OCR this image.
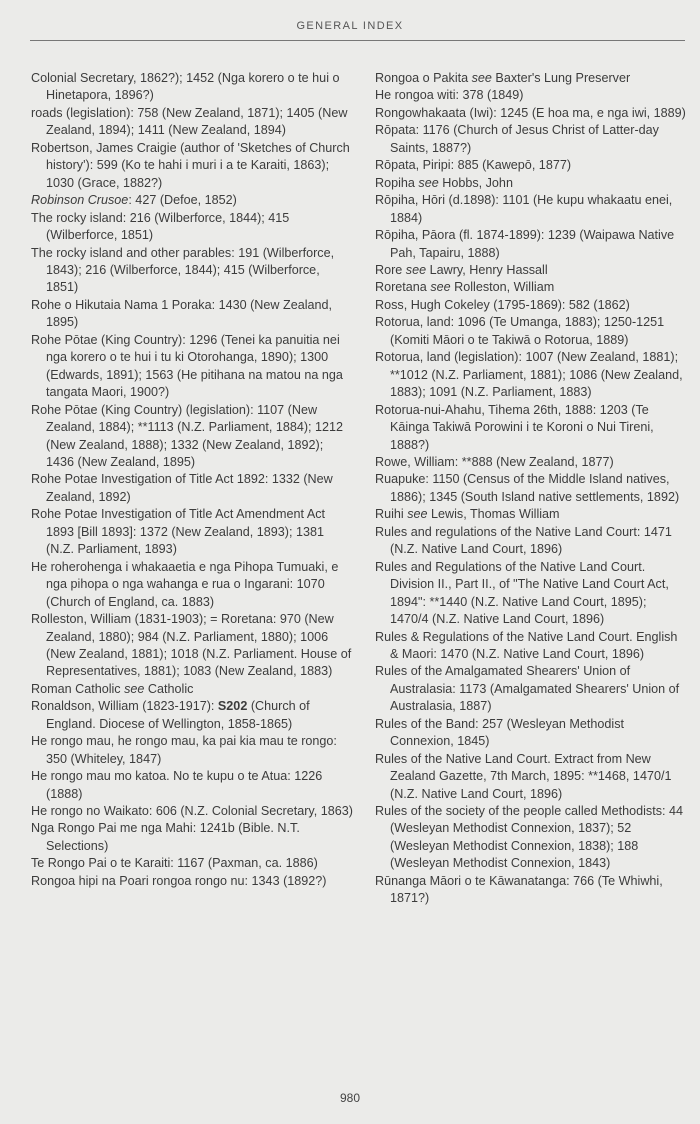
GENERAL INDEX

Colonial Secretary, 1862?); 1452 (Nga korero o te hui o Hinetapora, 1896?)

roads (legislation): 758 (New Zealand, 1871); 1405 (New Zealand, 1894); 1411 (New Zealand, 1894)

Robertson, James Craigie (author of 'Sketches of Church history'): 599 (Ko te hahi i muri i a te Karaiti, 1863); 1030 (Grace, 1882?)

Robinson Crusoe: 427 (Defoe, 1852)

The rocky island: 216 (Wilberforce, 1844); 415 (Wilberforce, 1851)

The rocky island and other parables: 191 (Wilberforce, 1843); 216 (Wilberforce, 1844); 415 (Wilberforce, 1851)

Rohe o Hikutaia Nama 1 Poraka: 1430 (New Zealand, 1895)

Rohe Pōtae (King Country): 1296 (Tenei ka panuitia nei nga korero o te hui i tu ki Otorohanga, 1890); 1300 (Edwards, 1891); 1563 (He pitihana na matou na nga tangata Maori, 1900?)

Rohe Pōtae (King Country) (legislation): 1107 (New Zealand, 1884); **1113 (N.Z. Parliament, 1884); 1212 (New Zealand, 1888); 1332 (New Zealand, 1892); 1436 (New Zealand, 1895)

Rohe Potae Investigation of Title Act 1892: 1332 (New Zealand, 1892)

Rohe Potae Investigation of Title Act Amendment Act 1893 [Bill 1893]: 1372 (New Zealand, 1893); 1381 (N.Z. Parliament, 1893)

He roherohenga i whakaaetia e nga Pihopa Tumuaki, e nga pihopa o nga wahanga e rua o Ingarani: 1070 (Church of England, ca. 1883)

Rolleston, William (1831-1903); = Roretana: 970 (New Zealand, 1880); 984 (N.Z. Parliament, 1880); 1006 (New Zealand, 1881); 1018 (N.Z. Parliament. House of Representatives, 1881); 1083 (New Zealand, 1883)

Roman Catholic see Catholic

Ronaldson, William (1823-1917): S202 (Church of England. Diocese of Wellington, 1858-1865)

He rongo mau, he rongo mau, ka pai kia mau te rongo: 350 (Whiteley, 1847)

He rongo mau mo katoa. No te kupu o te Atua: 1226 (1888)

He rongo no Waikato: 606 (N.Z. Colonial Secretary, 1863)

Nga Rongo Pai me nga Mahi: 1241b (Bible. N.T. Selections)

Te Rongo Pai o te Karaiti: 1167 (Paxman, ca. 1886)

Rongoa hipi na Poari rongoa rongo nu: 1343 (1892?)

Rongoa o Pakita see Baxter's Lung Preserver

He rongoa witi: 378 (1849)

Rongowhakaata (Iwi): 1245 (E hoa ma, e nga iwi, 1889)

Rōpata: 1176 (Church of Jesus Christ of Latter-day Saints, 1887?)

Rōpata, Piripi: 885 (Kawepō, 1877)

Ropiha see Hobbs, John

Rōpiha, Hōri (d.1898): 1101 (He kupu whakaatu enei, 1884)

Rōpiha, Pāora (fl. 1874-1899): 1239 (Waipawa Native Pah, Tapairu, 1888)

Rore see Lawry, Henry Hassall

Roretana see Rolleston, William

Ross, Hugh Cokeley (1795-1869): 582 (1862)

Rotorua, land: 1096 (Te Umanga, 1883); 1250-1251 (Komiti Māori o te Takiwā o Rotorua, 1889)

Rotorua, land (legislation): 1007 (New Zealand, 1881); **1012 (N.Z. Parliament, 1881); 1086 (New Zealand, 1883); 1091 (N.Z. Parliament, 1883)

Rotorua-nui-Ahahu, Tihema 26th, 1888: 1203 (Te Kāinga Takiwā Porowini i te Koroni o Nui Tireni, 1888?)

Rowe, William: **888 (New Zealand, 1877)

Ruapuke: 1150 (Census of the Middle Island natives, 1886); 1345 (South Island native settlements, 1892)

Ruihi see Lewis, Thomas William

Rules and regulations of the Native Land Court: 1471 (N.Z. Native Land Court, 1896)

Rules and Regulations of the Native Land Court. Division II., Part II., of "The Native Land Court Act, 1894": **1440 (N.Z. Native Land Court, 1895); 1470/4 (N.Z. Native Land Court, 1896)

Rules & Regulations of the Native Land Court. English & Maori: 1470 (N.Z. Native Land Court, 1896)

Rules of the Amalgamated Shearers' Union of Australasia: 1173 (Amalgamated Shearers' Union of Australasia, 1887)

Rules of the Band: 257 (Wesleyan Methodist Connexion, 1845)

Rules of the Native Land Court. Extract from New Zealand Gazette, 7th March, 1895: **1468, 1470/1 (N.Z. Native Land Court, 1896)

Rules of the society of the people called Methodists: 44 (Wesleyan Methodist Connexion, 1837); 52 (Wesleyan Methodist Connexion, 1838); 188 (Wesleyan Methodist Connexion, 1843)

Rūnanga Māori o te Kāwanatanga: 766 (Te Whiwhi, 1871?)

980
